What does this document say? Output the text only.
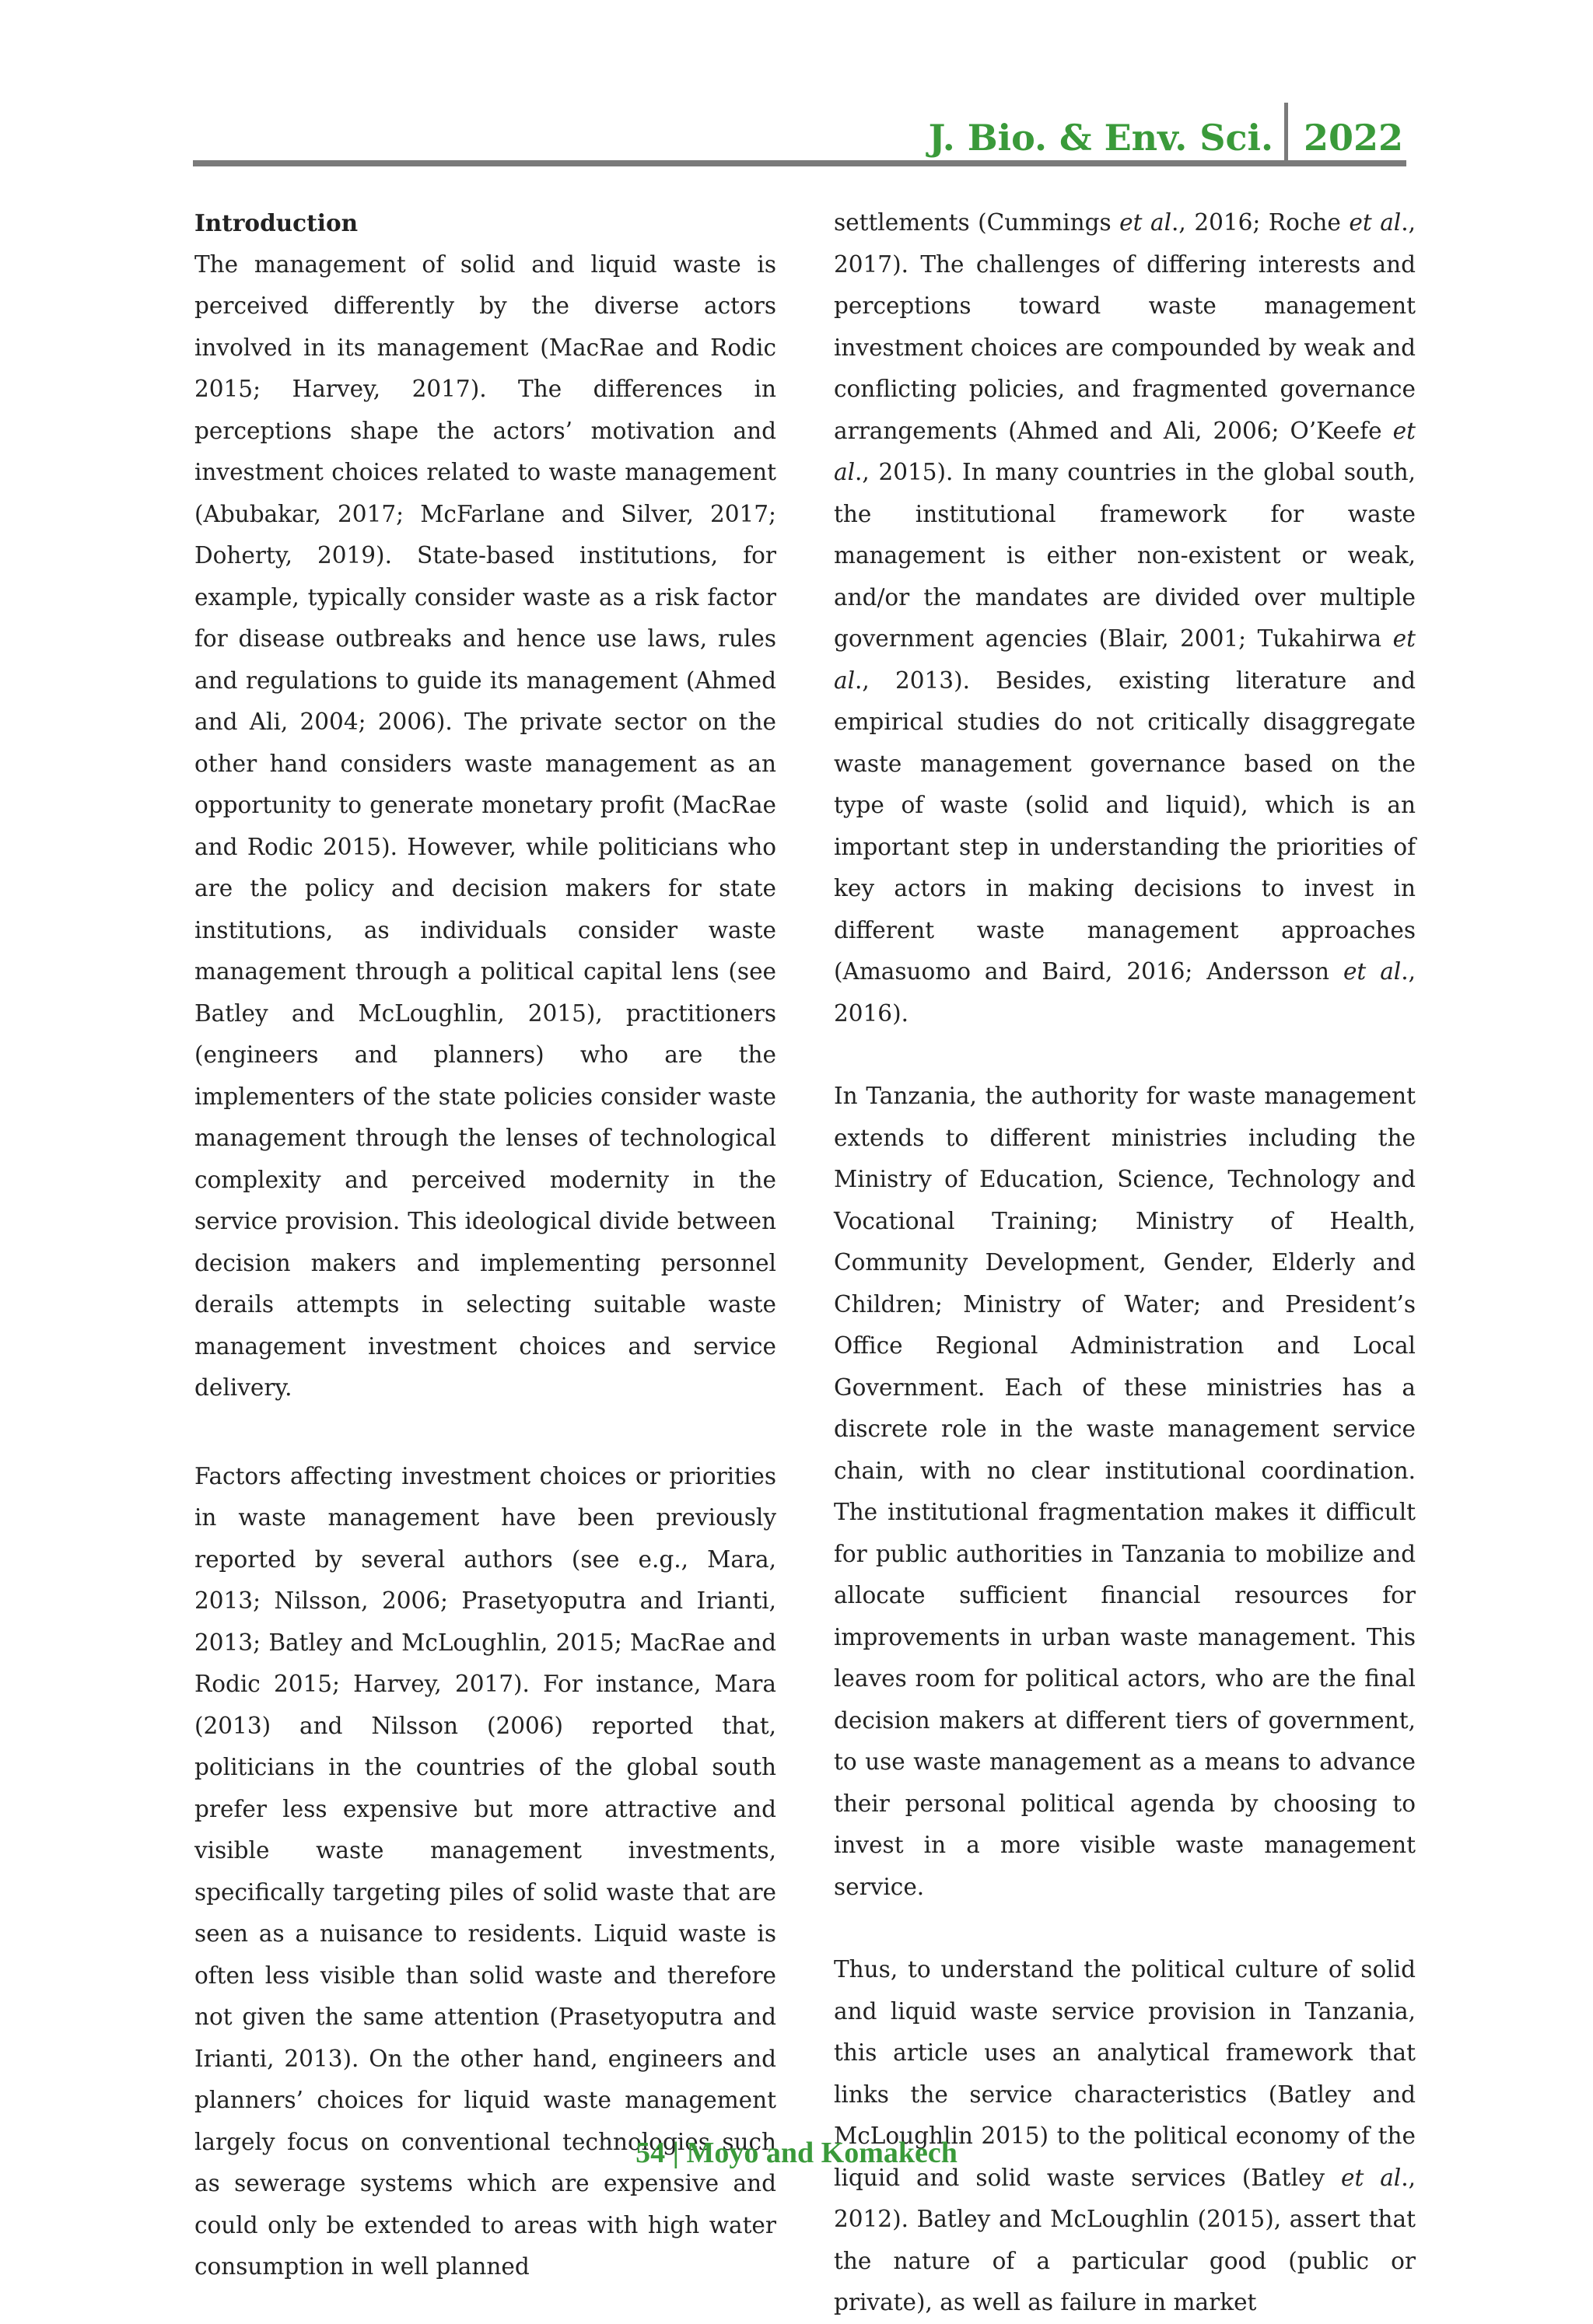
J. Bio. & Env. Sci. 2022

Introduction

The management of solid and liquid waste is perceived differently by the diverse actors involved in its management (MacRae and Rodic 2015; Harvey, 2017). The differences in perceptions shape the actors’ motivation and investment choices related to waste management (Abubakar, 2017; McFarlane and Silver, 2017; Doherty, 2019). State-based institutions, for example, typically consider waste as a risk factor for disease outbreaks and hence use laws, rules and regulations to guide its management (Ahmed and Ali, 2004; 2006). The private sector on the other hand considers waste management as an opportunity to generate monetary profit (MacRae and Rodic 2015). However, while politicians who are the policy and decision makers for state institutions, as individuals consider waste management through a political capital lens (see Batley and McLoughlin, 2015), practitioners (engineers and planners) who are the implementers of the state policies consider waste management through the lenses of technological complexity and perceived modernity in the service provision. This ideological divide between decision makers and implementing personnel derails attempts in selecting suitable waste management investment choices and service delivery.

Factors affecting investment choices or priorities in waste management have been previously reported by several authors (see e.g., Mara, 2013; Nilsson, 2006; Prasetyoputra and Irianti, 2013; Batley and McLoughlin, 2015; MacRae and Rodic 2015; Harvey, 2017). For instance, Mara (2013) and Nilsson (2006) reported that, politicians in the countries of the global south prefer less expensive but more attractive and visible waste management investments, specifically targeting piles of solid waste that are seen as a nuisance to residents. Liquid waste is often less visible than solid waste and therefore not given the same attention (Prasetyoputra and Irianti, 2013). On the other hand, engineers and planners’ choices for liquid waste management largely focus on conventional technologies such as sewerage systems which are expensive and could only be extended to areas with high water consumption in well planned

settlements (Cummings et al., 2016; Roche et al., 2017). The challenges of differing interests and perceptions toward waste management investment choices are compounded by weak and conflicting policies, and fragmented governance arrangements (Ahmed and Ali, 2006; O’Keefe et al., 2015). In many countries in the global south, the institutional framework for waste management is either non-existent or weak, and/or the mandates are divided over multiple government agencies (Blair, 2001; Tukahirwa et al., 2013). Besides, existing literature and empirical studies do not critically disaggregate waste management governance based on the type of waste (solid and liquid), which is an important step in understanding the priorities of key actors in making decisions to invest in different waste management approaches (Amasuomo and Baird, 2016; Andersson et al., 2016).

In Tanzania, the authority for waste management extends to different ministries including the Ministry of Education, Science, Technology and Vocational Training; Ministry of Health, Community Development, Gender, Elderly and Children; Ministry of Water; and President’s Office Regional Administration and Local Government. Each of these ministries has a discrete role in the waste management service chain, with no clear institutional coordination. The institutional fragmentation makes it difficult for public authorities in Tanzania to mobilize and allocate sufficient financial resources for improvements in urban waste management. This leaves room for political actors, who are the final decision makers at different tiers of government, to use waste management as a means to advance their personal political agenda by choosing to invest in a more visible waste management service.

Thus, to understand the political culture of solid and liquid waste service provision in Tanzania, this article uses an analytical framework that links the service characteristics (Batley and McLoughlin 2015) to the political economy of the liquid and solid waste services (Batley et al., 2012). Batley and McLoughlin (2015), assert that the nature of a particular good (public or private), as well as failure in market

54 | Moyo and Komakech
